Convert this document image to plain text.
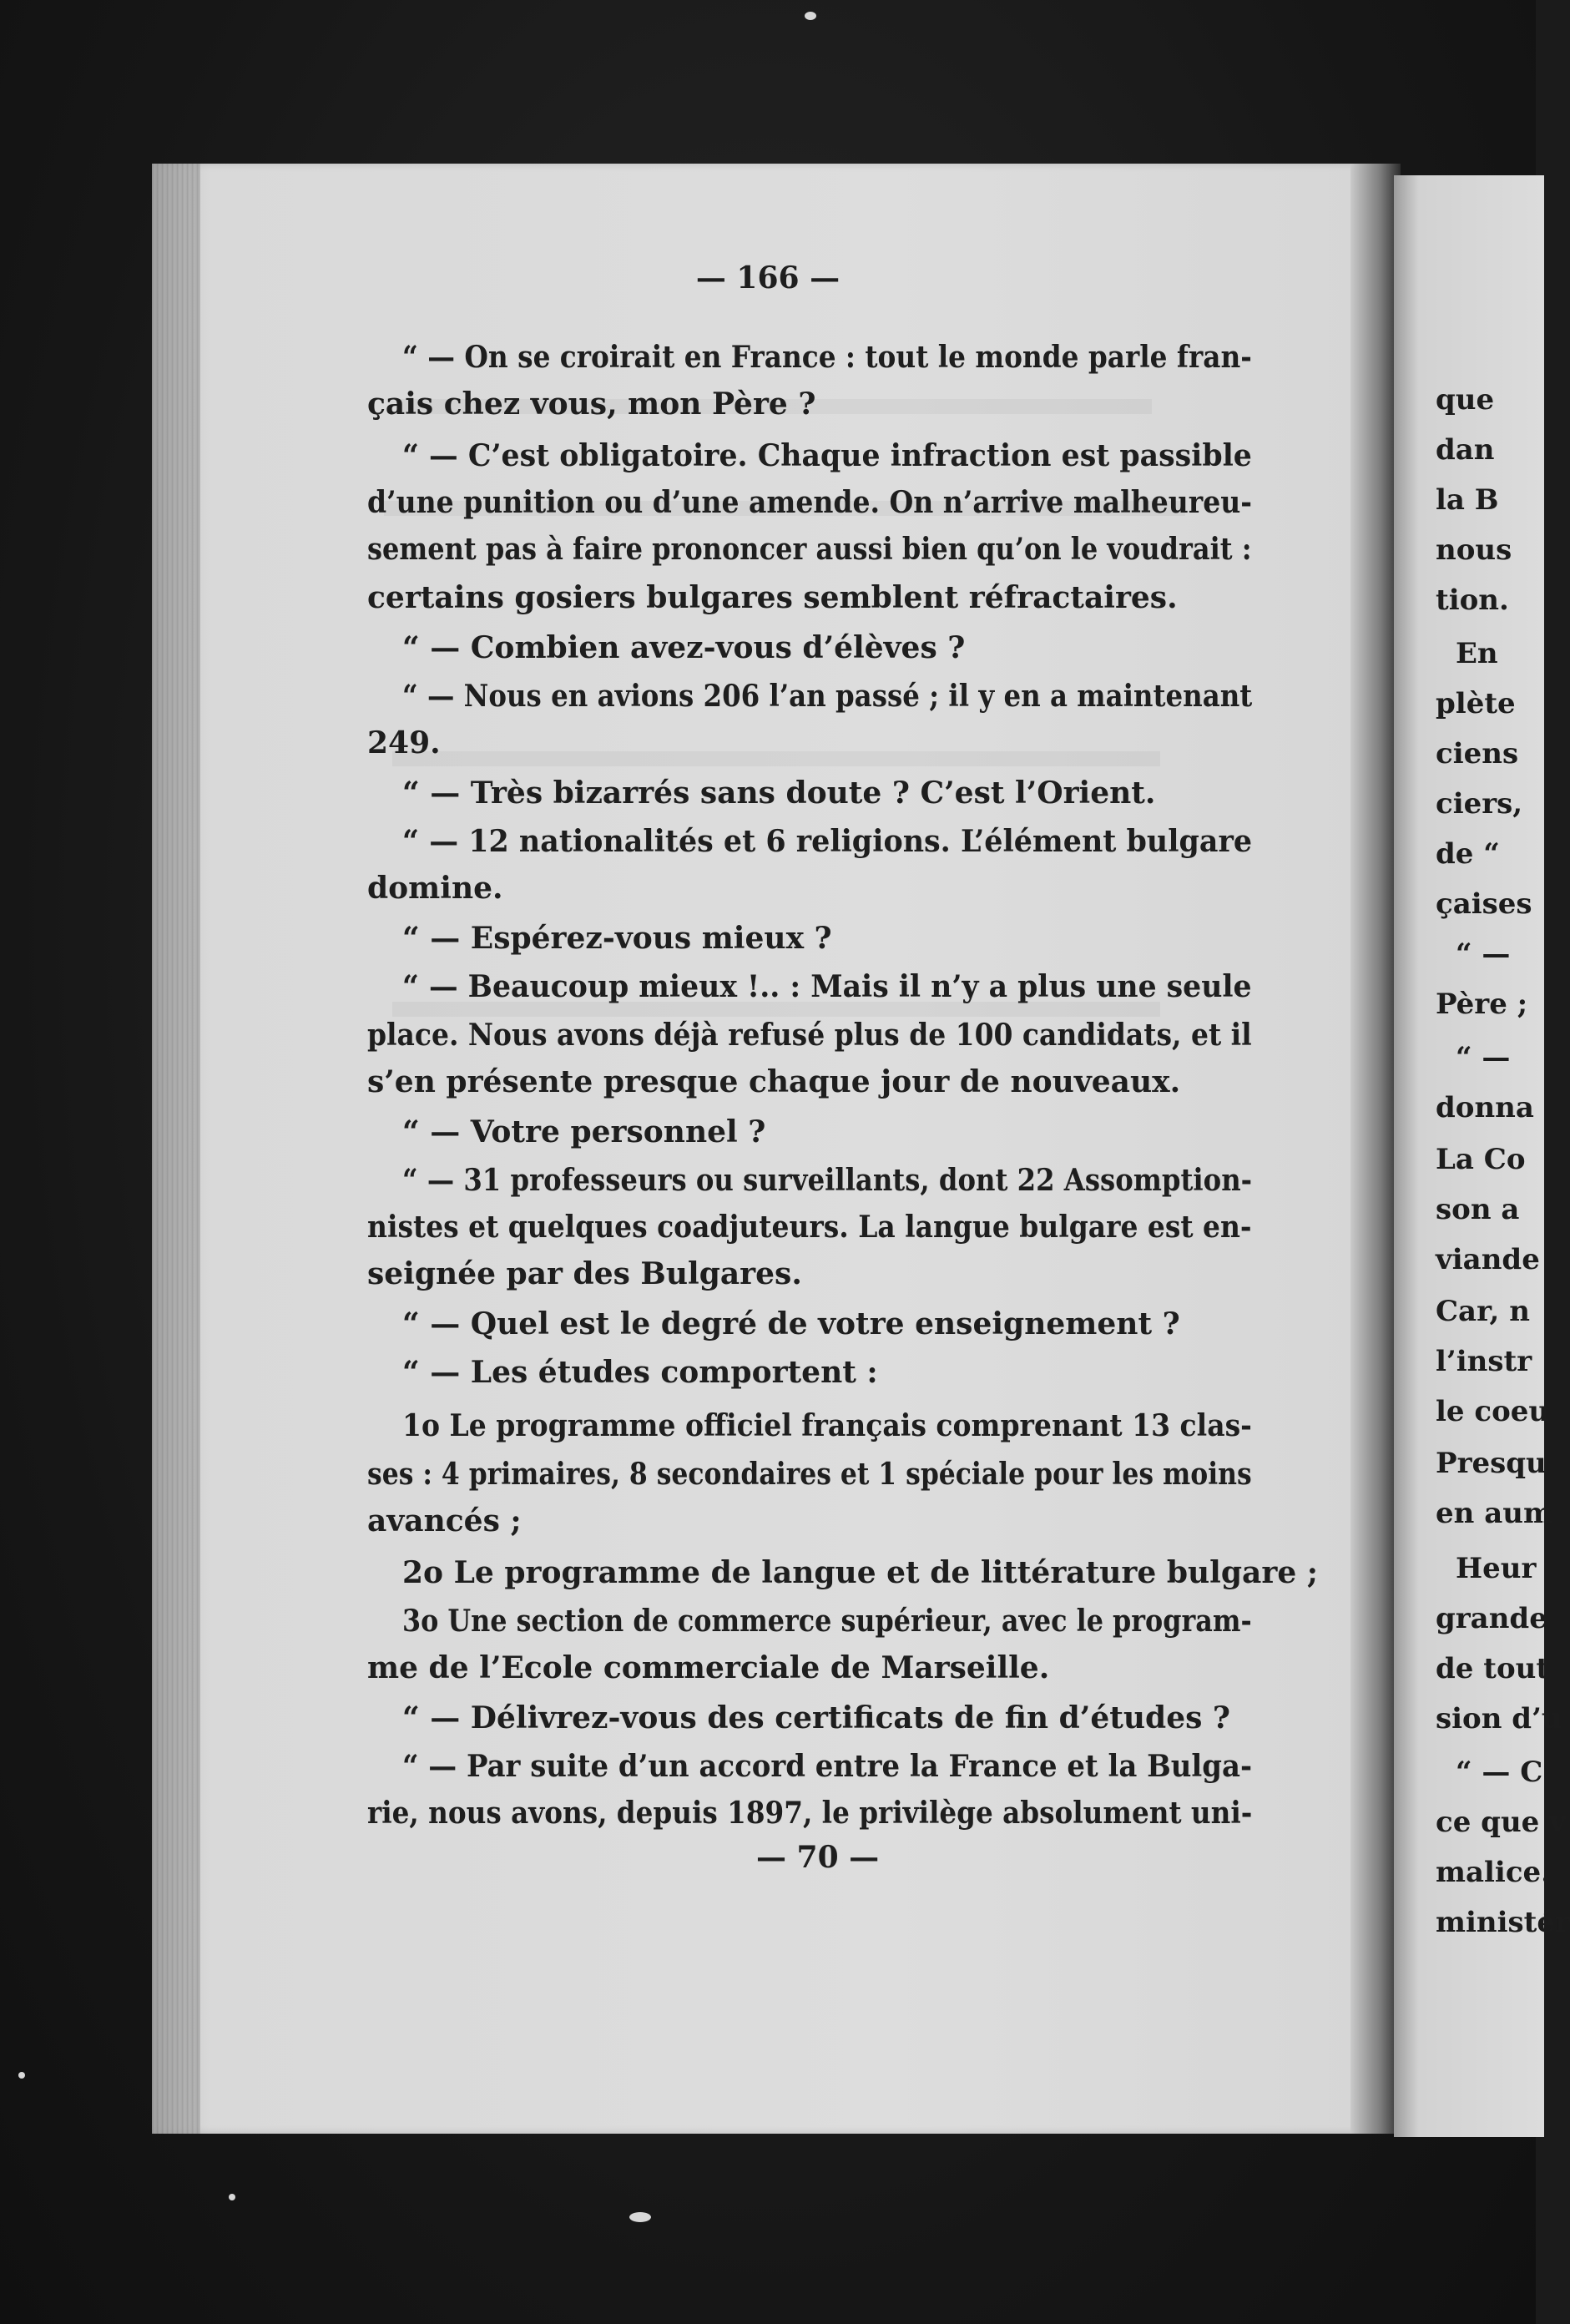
que
dan
la B
nous
tion.
En
plète
ciens
ciers,
de “
çaises
“ —
Père ;
“ —
donna
La Co
son a
viande
Car, n
l’instr
le coeu
Presqu
en aum
Heur
grande
de tout
sion d’u
“ — C
ce que v
malice.
ministér
— 166 —
“ — On se croirait en France : tout le monde parle fran-
çais chez vous, mon Père ?
“ — C’est obligatoire. Chaque infraction est passible
d’une punition ou d’une amende. On n’arrive malheureu-
sement pas à faire prononcer aussi bien qu’on le voudrait :
certains gosiers bulgares semblent réfractaires.
“ — Combien avez-vous d’élèves ?
“ — Nous en avions 206 l’an passé ; il y en a maintenant
249.
“ — Très bizarrés sans doute ? C’est l’Orient.
“ — 12 nationalités et 6 religions. L’élément bulgare
domine.
“ — Espérez-vous mieux ?
“ — Beaucoup mieux !.. : Mais il n’y a plus une seule
place. Nous avons déjà refusé plus de 100 candidats, et il
s’en présente presque chaque jour de nouveaux.
“ — Votre personnel ?
“ — 31 professeurs ou surveillants, dont 22 Assomption-
nistes et quelques coadjuteurs. La langue bulgare est en-
seignée par des Bulgares.
“ — Quel est le degré de votre enseignement ?
“ — Les études comportent :
1o Le programme officiel français comprenant 13 clas-
ses : 4 primaires, 8 secondaires et 1 spéciale pour les moins
avancés ;
2o Le programme de langue et de littérature bulgare ;
3o Une section de commerce supérieur, avec le program-
me de l’Ecole commerciale de Marseille.
“ — Délivrez-vous des certificats de fin d’études ?
“ — Par suite d’un accord entre la France et la Bulga-
rie, nous avons, depuis 1897, le privilège absolument uni-
— 70 —
